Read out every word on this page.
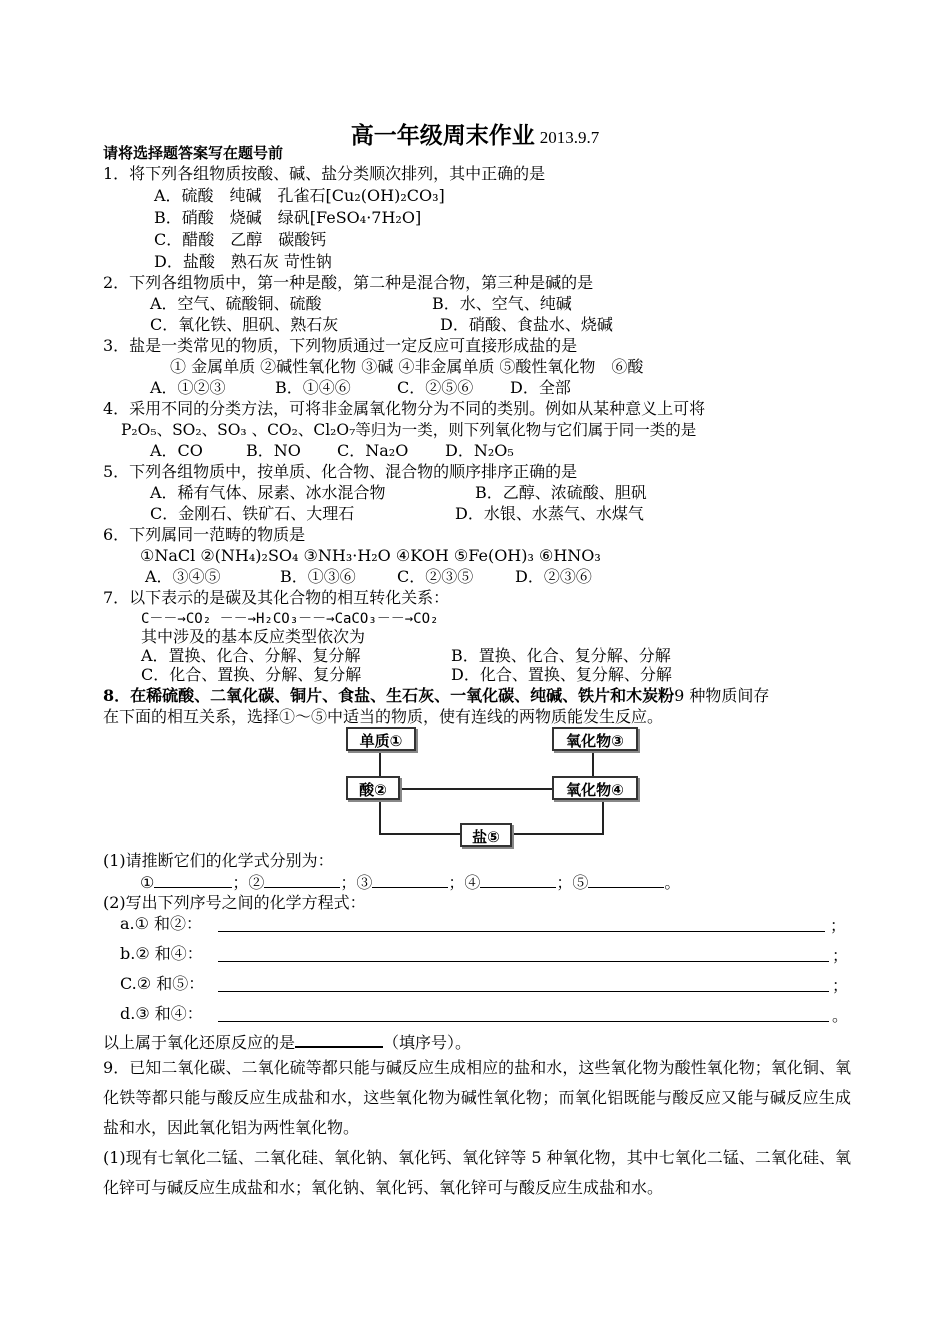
高一年级周末作业 2013.9.7
请将选择题答案写在题号前
1．将下列各组物质按酸、碱、盐分类顺次排列，其中正确的是
A．硫酸　纯碱　孔雀石[Cu₂(OH)₂CO₃]
B．硝酸　烧碱　绿矾[FeSO₄·7H₂O]
C．醋酸　乙醇　碳酸钙
D．盐酸　熟石灰 苛性钠
2．下列各组物质中，第一种是酸，第二种是混合物，第三种是碱的是
A．空气、硫酸铜、硫酸	B．水、空气、纯碱
C．氧化铁、胆矾、熟石灰	D．硝酸、食盐水、烧碱
3．盐是一类常见的物质，下列物质通过一定反应可直接形成盐的是
① 金属单质 ②碱性氧化物 ③碱 ④非金属单质 ⑤酸性氧化物　⑥酸
A．①②③	B．①④⑥	C．②⑤⑥ D．全部
4．采用不同的分类方法，可将非金属氧化物分为不同的类别。例如从某种意义上可将
P₂O₅、SO₂、SO₃ 、CO₂、Cl₂O₇等归为一类，则下列氧化物与它们属于同一类的是
A．CO	B．NO C．Na₂O D．N₂O₅
5．下列各组物质中，按单质、化合物、混合物的顺序排序正确的是
A．稀有气体、尿素、冰水混合物	B．乙醇、浓硫酸、胆矾
C．金刚石、铁矿石、大理石	D．水银、水蒸气、水煤气
6．下列属同一范畴的物质是
①NaCl ②(NH₄)₂SO₄ ③NH₃·H₂O ④KOH ⑤Fe(OH)₃ ⑥HNO₃
A．③④⑤	B．①③⑥	C．②③⑤	D．②③⑥
7．以下表示的是碳及其化合物的相互转化关系：
C－－→CO₂ －－→H₂CO₃－－→CaCO₃－－→CO₂
其中涉及的基本反应类型依次为
A．置换、化合、分解、复分解	B．置换、化合、复分解、分解
C．化合、置换、分解、复分解	D．化合、置换、复分解、分解
8．在稀硫酸、二氧化碳、铜片、食盐、生石灰、一氧化碳、纯碱、铁片和木炭粉9 种物质间存
在下面的相互关系，选择①～⑤中适当的物质，使有连线的两物质能发生反应。
单质①	氧化物③
酸②	氧化物④
盐⑤
(1)请推断它们的化学式分别为：
①	；②	；③	；④	；⑤	。
(2)写出下列序号之间的化学方程式：
a.① 和②：	；
b.② 和④：	；
C.② 和⑤：	；
d.③ 和④：	。
以上属于氧化还原反应的是	（填序号）。
9．已知二氧化碳、二氧化硫等都只能与碱反应生成相应的盐和水，这些氧化物为酸性氧化物；氧化铜、氧化铁等都只能与酸反应生成盐和水，这些氧化物为碱性氧化物；而氧化铝既能与酸反应又能与碱反应生成盐和水，因此氧化铝为两性氧化物。
(1)现有七氧化二锰、二氧化硅、氧化钠、氧化钙、氧化锌等 5 种氧化物，其中七氧化二锰、二氧化硅、氧化锌可与碱反应生成盐和水；氧化钠、氧化钙、氧化锌可与酸反应生成盐和水。
